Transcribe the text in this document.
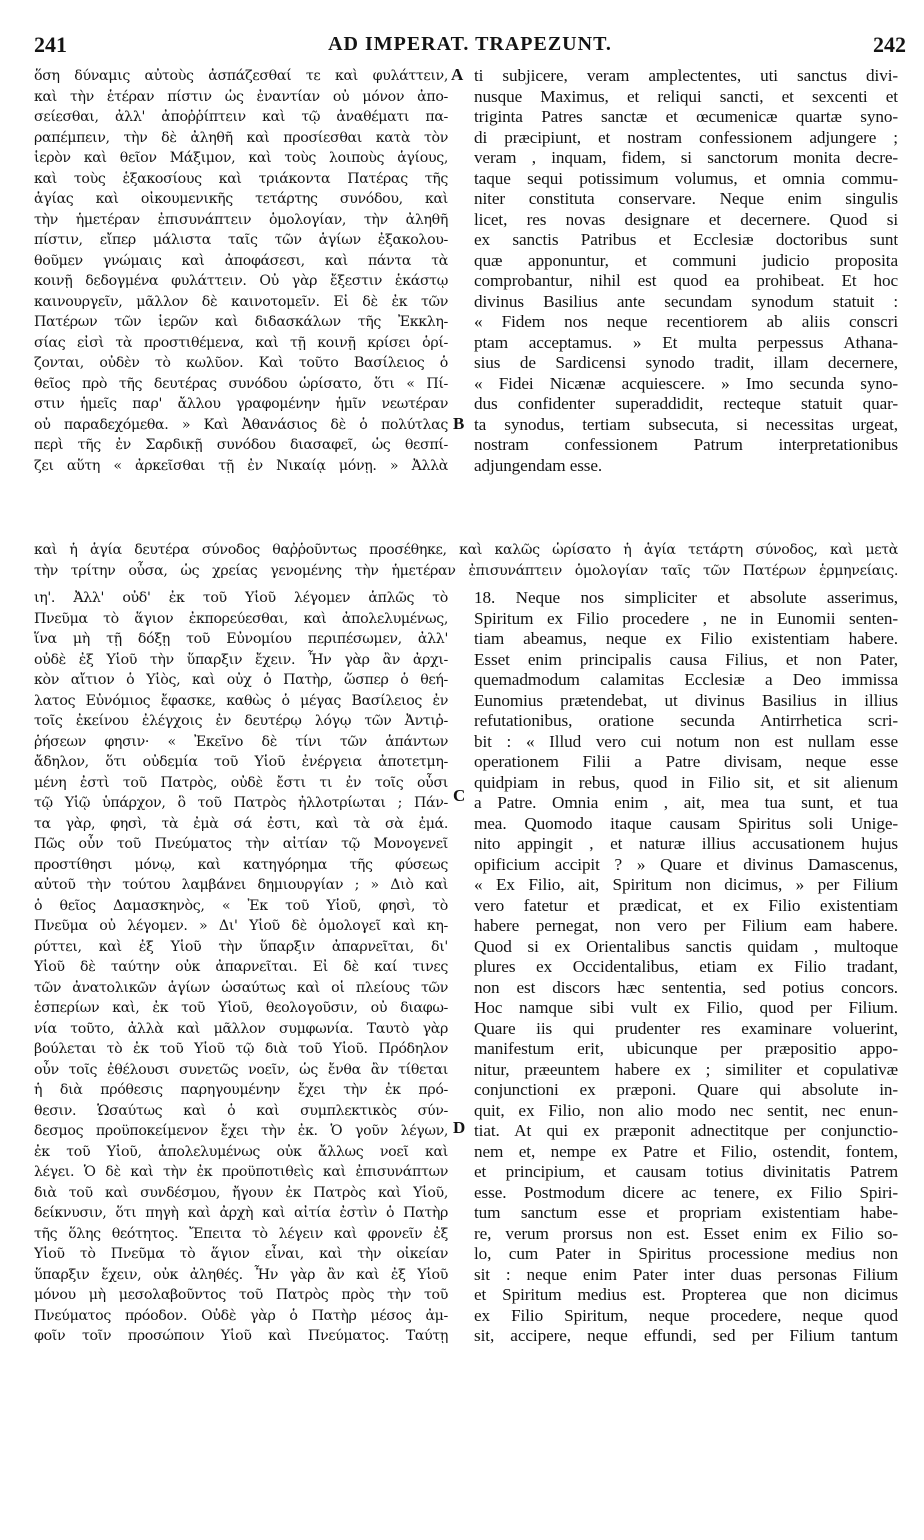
241	AD IMPERAT. TRAPEZUNT.	242
A
B
C
D
ὅση δύναμις αὐτοὺς ἀσπάζεσθαί τε καὶ φυλάττειν,
καὶ τὴν ἑτέραν πίστιν ὡς ἐναντίαν οὐ μόνον ἀπο-
σείεσθαι, ἀλλ' ἀποῤῥίπτειν καὶ τῷ ἀναθέματι πα-
ραπέμπειν, τὴν δὲ ἀληθῆ καὶ προσίεσθαι κατὰ τὸν
ἱερὸν καὶ θεῖον Μάξιμον, καὶ τοὺς λοιποὺς ἁγίους,
καὶ τοὺς ἑξακοσίους καὶ τριάκοντα Πατέρας τῆς
ἁγίας καὶ οἰκουμενικῆς τετάρτης συνόδου, καὶ
τὴν ἡμετέραν ἐπισυνάπτειν ὁμολογίαν, τὴν ἀληθῆ
πίστιν, εἴπερ μάλιστα ταῖς τῶν ἁγίων ἐξακολου-
θοῦμεν γνώμαις καὶ ἀποφάσεσι, καὶ πάντα τὰ
κοινῇ δεδογμένα φυλάττειν. Οὐ γὰρ ἔξεστιν ἑκάστῳ
καινουργεῖν, μᾶλλον δὲ καινοτομεῖν. Εἰ δὲ ἐκ τῶν
Πατέρων τῶν ἱερῶν καὶ διδασκάλων τῆς Ἐκκλη-
σίας εἰσὶ τὰ προστιθέμενα, καὶ τῇ κοινῇ κρίσει ὁρί-
ζονται, οὐδὲν τὸ κωλῦον. Καὶ τοῦτο Βασίλειος ὁ
θεῖος πρὸ τῆς δευτέρας συνόδου ὡρίσατο, ὅτι « Πί-
στιν ἡμεῖς παρ' ἄλλου γραφομένην ἡμῖν νεωτέραν
οὐ παραδεχόμεθα. » Καὶ Ἀθανάσιος δὲ ὁ πολύτλας
περὶ τῆς ἐν Σαρδικῇ συνόδου διασαφεῖ, ὡς θεσπί-
ζει αὕτη « ἀρκεῖσθαι τῇ ἐν Νικαίᾳ μόνῃ. » Ἀλλὰ
ti subjicere, veram amplectentes, uti sanctus divi-
nusque Maximus, et reliqui sancti, et sexcenti et
triginta Patres sanctæ et œcumenicæ quartæ syno-
di præcipiunt, et nostram confessionem adjungere ;
veram , inquam, fidem, si sanctorum monita decre-
taque sequi potissimum volumus, et omnia commu-
niter constituta conservare. Neque enim singulis
licet, res novas designare et decernere. Quod si
ex sanctis Patribus et Ecclesiæ doctoribus sunt
quæ apponuntur, et communi judicio proposita
comprobantur, nihil est quod ea prohibeat. Et hoc
divinus Basilius ante secundam synodum statuit :
« Fidem nos neque recentiorem ab aliis conscri
ptam acceptamus. » Et multa perpessus Athana-
sius de Sardicensi synodo tradit, illam decernere,
« Fidei Nicænæ acquiescere. » Imo secunda syno-
dus confidenter superaddidit, recteque statuit quar-
ta synodus, tertiam subsecuta, si necessitas urgeat,
nostram confessionem Patrum interpretationibus
adjungendam esse.
καὶ ἡ ἁγία δευτέρα σύνοδος θαῤῥοῦντως προσέθηκε, καὶ καλῶς ὡρίσατο ἡ ἁγία τετάρτη σύνοδος, καὶ μετὰ
τὴν τρίτην οὖσα, ὡς χρείας γενομένης τὴν ἡμετέραν ἐπισυνάπτειν ὁμολογίαν ταῖς τῶν Πατέρων ἑρμηνείαις.
ιη'. Ἀλλ' οὐδ' ἐκ τοῦ Υἱοῦ λέγομεν ἁπλῶς τὸ
Πνεῦμα τὸ ἅγιον ἐκπορεύεσθαι, καὶ ἀπολελυμένως,
ἵνα μὴ τῇ δόξῃ τοῦ Εὐνομίου περιπέσωμεν, ἀλλ'
οὐδὲ ἐξ Υἱοῦ τὴν ὕπαρξιν ἔχειν. Ἦν γὰρ ἂν ἀρχι-
κὸν αἴτιον ὁ Υἱὸς, καὶ οὐχ ὁ Πατὴρ, ὥσπερ ὁ θεή-
λατος Εὐνόμιος ἔφασκε, καθὼς ὁ μέγας Βασίλειος ἐν
τοῖς ἐκείνου ἐλέγχοις ἐν δευτέρῳ λόγῳ τῶν Ἀντιῤ-
ῥήσεων φησιν· « Ἐκεῖνο δὲ τίνι τῶν ἁπάντων
ἄδηλον, ὅτι οὐδεμία τοῦ Υἱοῦ ἐνέργεια ἀποτετμη-
μένη ἐστὶ τοῦ Πατρὸς, οὐδὲ ἔστι τι ἐν τοῖς οὖσι
τῷ Υἱῷ ὑπάρχον, ὃ τοῦ Πατρὸς ἠλλοτρίωται ; Πάν-
τα γὰρ, φησὶ, τὰ ἐμὰ σά ἐστι, καὶ τὰ σὰ ἐμά.
Πῶς οὖν τοῦ Πνεύματος τὴν αἰτίαν τῷ Μονογενεῖ
προστίθησι μόνῳ, καὶ κατηγόρημα τῆς φύσεως
αὐτοῦ τὴν τούτου λαμβάνει δημιουργίαν ; » Διὸ καὶ
ὁ θεῖος Δαμασκηνὸς, « Ἐκ τοῦ Υἱοῦ, φησὶ, τὸ
Πνεῦμα οὐ λέγομεν. » Δι' Υἱοῦ δὲ ὁμολογεῖ καὶ κη-
ρύττει, καὶ ἐξ Υἱοῦ τὴν ὕπαρξιν ἀπαρνεῖται, δι'
Υἱοῦ δὲ ταύτην οὐκ ἀπαρνεῖται. Εἰ δὲ καί τινες
τῶν ἀνατολικῶν ἁγίων ὡσαύτως καὶ οἱ πλείους τῶν
ἑσπερίων καὶ, ἐκ τοῦ Υἱοῦ, θεολογοῦσιν, οὐ διαφω-
νία τοῦτο, ἀλλὰ καὶ μᾶλλον συμφωνία. Ταυτὸ γὰρ
βούλεται τὸ ἐκ τοῦ Υἱοῦ τῷ διὰ τοῦ Υἱοῦ. Πρόδηλον
οὖν τοῖς ἐθέλουσι συνετῶς νοεῖν, ὡς ἔνθα ἂν τίθεται
ἡ διὰ πρόθεσις παρηγουμένην ἔχει τὴν ἐκ πρό-
θεσιν. Ὡσαύτως καὶ ὁ καὶ συμπλεκτικὸς σύν-
δεσμος προϋποκείμενον ἔχει τὴν ἐκ. Ὁ γοῦν λέγων,
ἐκ τοῦ Υἱοῦ, ἀπολελυμένως οὐκ ἄλλως νοεῖ καὶ
λέγει. Ὁ δὲ καὶ τὴν ἐκ προϋποτιθεὶς καὶ ἐπισυνάπτων
διὰ τοῦ καὶ συνδέσμου, ἤγουν ἐκ Πατρὸς καὶ Υἱοῦ,
δείκνυσιν, ὅτι πηγὴ καὶ ἀρχὴ καὶ αἰτία ἐστὶν ὁ Πατὴρ
τῆς ὅλης θεότητος. Ἔπειτα τὸ λέγειν καὶ φρονεῖν ἐξ
Υἱοῦ τὸ Πνεῦμα τὸ ἅγιον εἶναι, καὶ τὴν οἰκείαν
ὕπαρξιν ἔχειν, οὐκ ἀληθές. Ἦν γὰρ ἂν καὶ ἐξ Υἱοῦ
μόνου μὴ μεσολαβοῦντος τοῦ Πατρὸς πρὸς τὴν τοῦ
Πνεύματος πρόοδον. Οὐδὲ γὰρ ὁ Πατὴρ μέσος ἀμ-
φοῖν τοῖν προσώποιν Υἱοῦ καὶ Πνεύματος. Ταύτῃ
18. Neque nos simpliciter et absolute asserimus,
Spiritum ex Filio procedere , ne in Eunomii senten-
tiam abeamus, neque ex Filio existentiam habere.
Esset enim principalis causa Filius, et non Pater,
quemadmodum calamitas Ecclesiæ a Deo immissa
Eunomius prætendebat, ut divinus Basilius in illius
refutationibus, oratione secunda Antirrhetica scri-
bit : « Illud vero cui notum non est nullam esse
operationem Filii a Patre divisam, neque esse
quidpiam in rebus, quod in Filio sit, et sit alienum
a Patre. Omnia enim , ait, mea tua sunt, et tua
mea. Quomodo itaque causam Spiritus soli Unige-
nito appingit , et naturæ illius accusationem hujus
opificium accipit ? » Quare et divinus Damascenus,
« Ex Filio, ait, Spiritum non dicimus, » per Filium
vero fatetur et prædicat, et ex Filio existentiam
habere pernegat, non vero per Filium eam habere.
Quod si ex Orientalibus sanctis quidam , multoque
plures ex Occidentalibus, etiam ex Filio tradant,
non est discors hæc sententia, sed potius concors.
Hoc namque sibi vult ex Filio, quod per Filium.
Quare iis qui prudenter res examinare voluerint,
manifestum erit, ubicunque per præpositio appo-
nitur, præeuntem habere ex ; similiter et copulativæ
conjunctioni ex præponi. Quare qui absolute in-
quit, ex Filio, non alio modo nec sentit, nec enun-
tiat. At qui ex præponit adnectitque per conjunctio-
nem et, nempe ex Patre et Filio, ostendit, fontem,
et principium, et causam totius divinitatis Patrem
esse. Postmodum dicere ac tenere, ex Filio Spiri-
tum sanctum esse et propriam existentiam habe-
re, verum prorsus non est. Esset enim ex Filio so-
lo, cum Pater in Spiritus processione medius non
sit : neque enim Pater inter duas personas Filium
et Spiritum medius est. Propterea que non dicimus
ex Filio Spiritum, neque procedere, neque quod
sit, accipere, neque effundi, sed per Filium tantum
